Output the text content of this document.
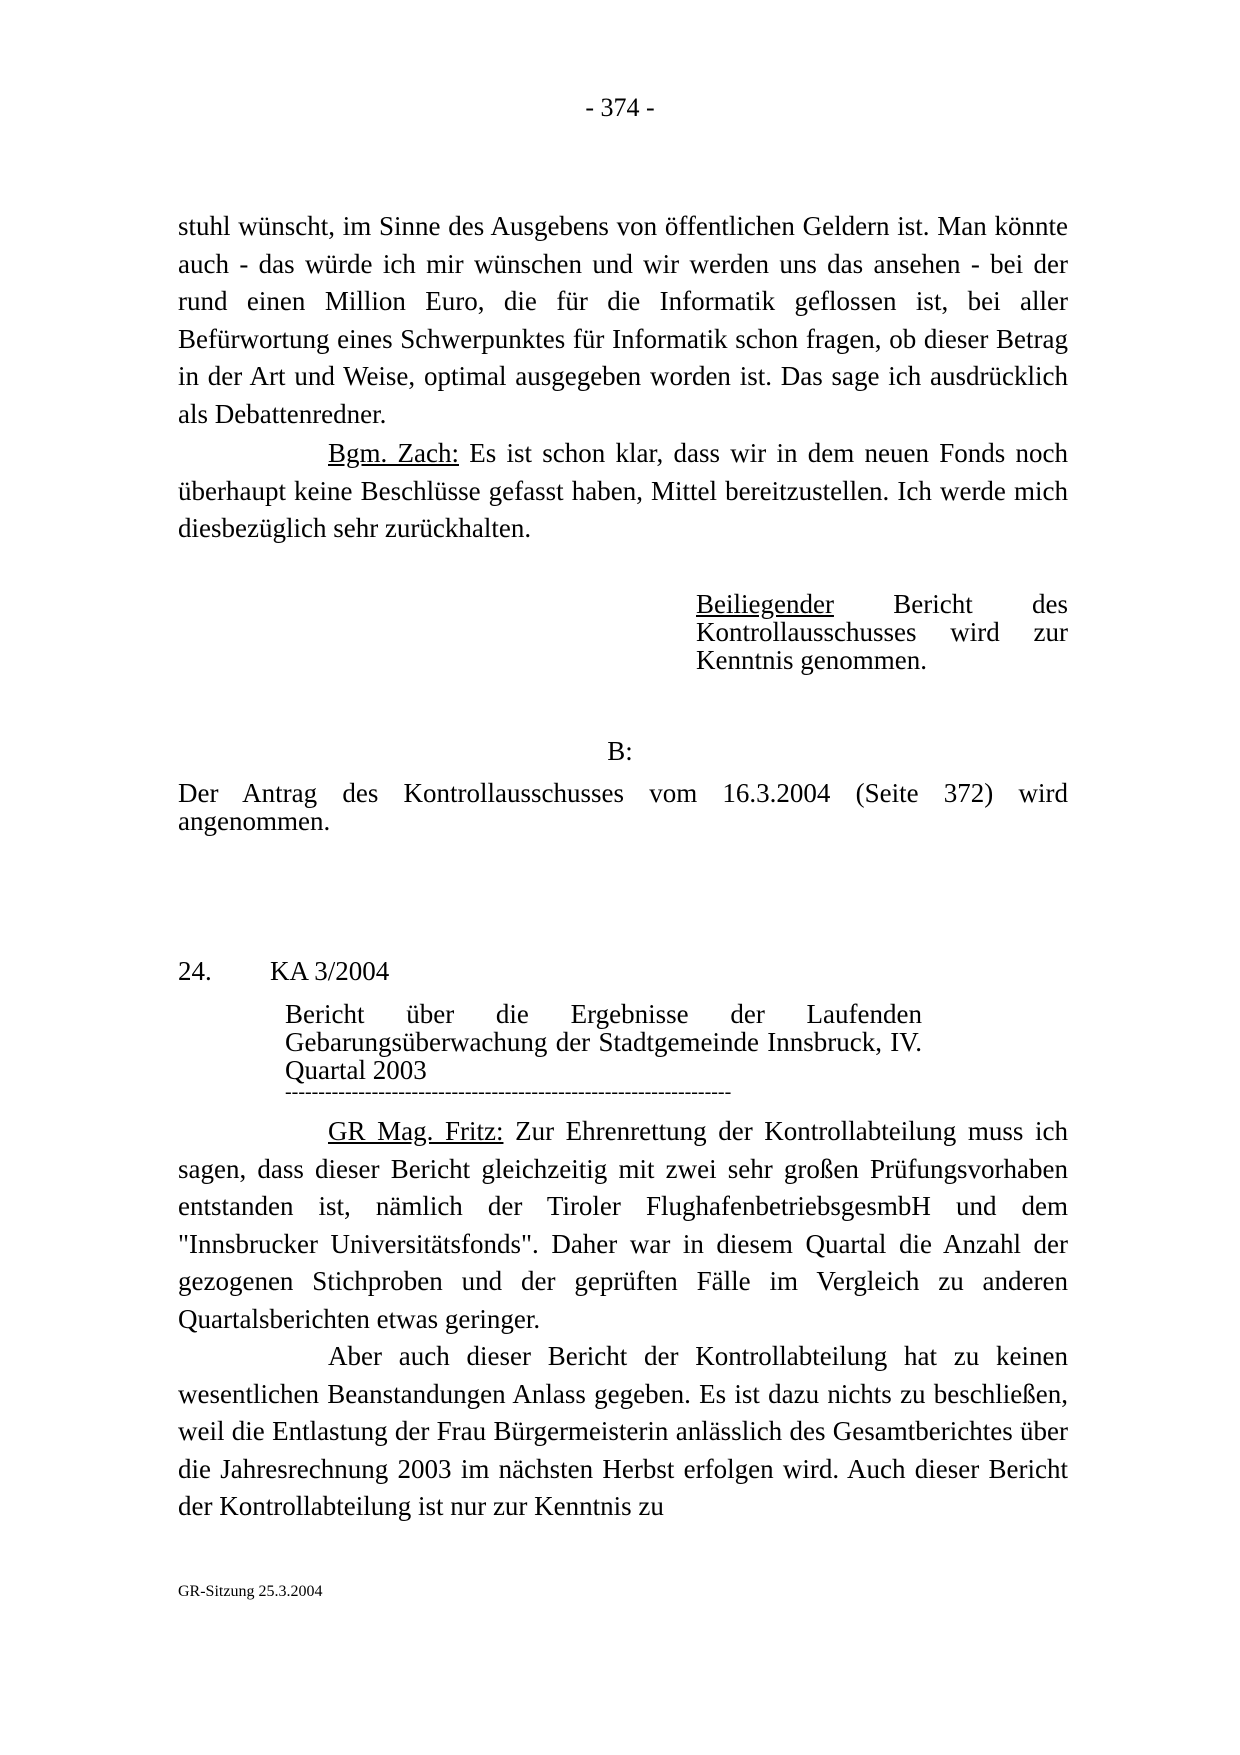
- 374 -

stuhl wünscht, im Sinne des Ausgebens von öffentlichen Geldern ist. Man könnte auch - das würde ich mir wünschen und wir werden uns das ansehen - bei der rund einen Million Euro, die für die Informatik geflossen ist, bei aller Befürwortung eines Schwerpunktes für Informatik schon fragen, ob dieser Betrag in der Art und Weise, optimal ausgegeben worden ist. Das sage ich ausdrücklich als Debattenredner.

Bgm. Zach: Es ist schon klar, dass wir in dem neuen Fonds noch überhaupt keine Beschlüsse gefasst haben, Mittel bereitzustellen. Ich werde mich diesbezüglich sehr zurückhalten.

Beiliegender Bericht des Kontrollausschusses wird zur Kenntnis genommen.

B:

Der Antrag des Kontrollausschusses vom 16.3.2004 (Seite 372) wird angenommen.

24. KA 3/2004

Bericht über die Ergebnisse der Laufenden Gebarungsüberwachung der Stadtgemeinde Innsbruck, IV. Quartal 2003

-------------------------------------------------------------------

GR Mag. Fritz: Zur Ehrenrettung der Kontrollabteilung muss ich sagen, dass dieser Bericht gleichzeitig mit zwei sehr großen Prüfungsvorhaben entstanden ist, nämlich der Tiroler FlughafenbetriebsgesmbH und dem "Innsbrucker Universitätsfonds". Daher war in diesem Quartal die Anzahl der gezogenen Stichproben und der geprüften Fälle im Vergleich zu anderen Quartalsberichten etwas geringer.

Aber auch dieser Bericht der Kontrollabteilung hat zu keinen wesentlichen Beanstandungen Anlass gegeben. Es ist dazu nichts zu beschließen, weil die Entlastung der Frau Bürgermeisterin anlässlich des Gesamtberichtes über die Jahresrechnung 2003 im nächsten Herbst erfolgen wird. Auch dieser Bericht der Kontrollabteilung ist nur zur Kenntnis zu

GR-Sitzung 25.3.2004
